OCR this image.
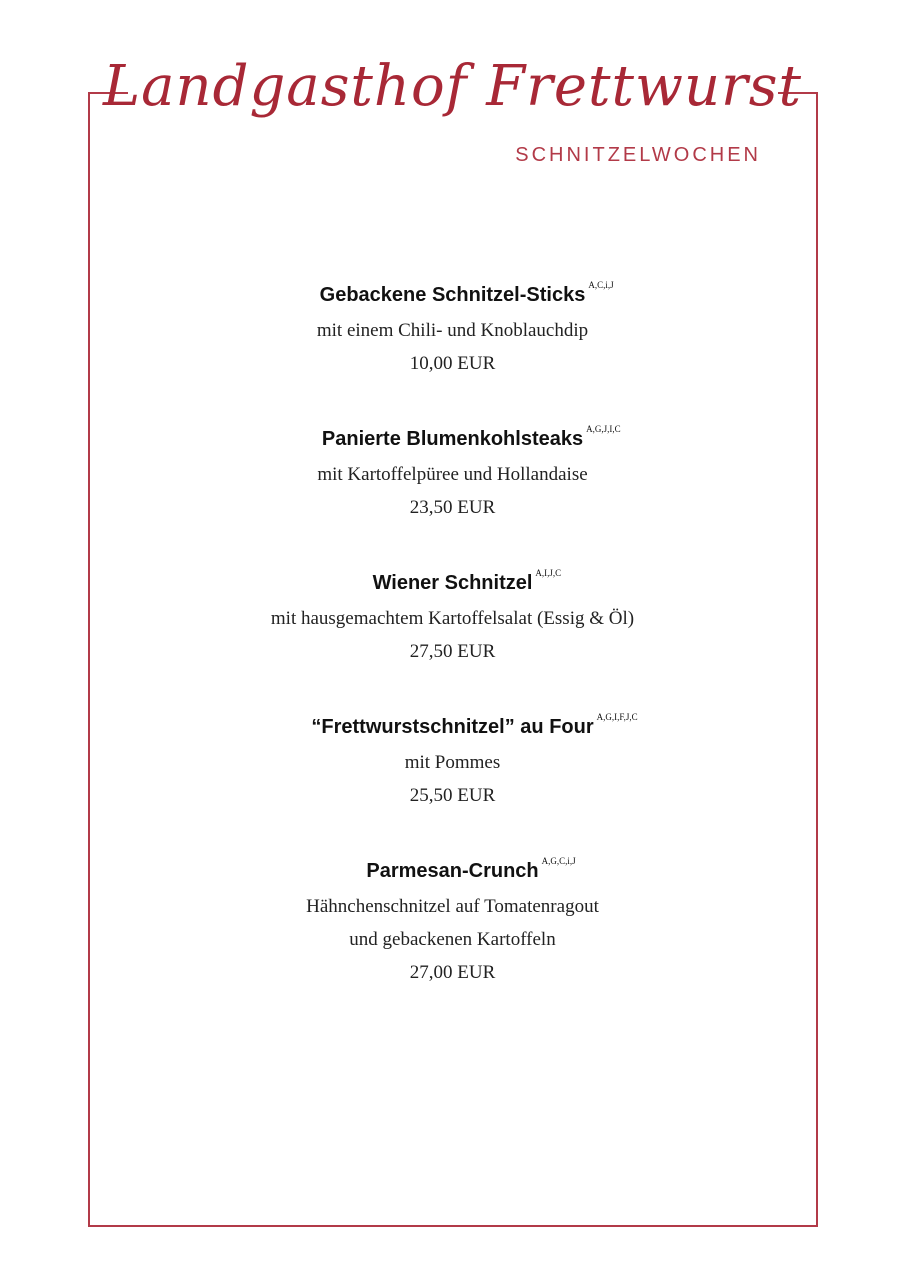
Landgasthof Frettwurst
SCHNITZELWOCHEN
Gebackene Schnitzel-Sticks A,C,i,J
mit einem Chili- und Knoblauchdip
10,00 EUR
Panierte Blumenkohlsteaks A,G,J,I,C
mit Kartoffelpüree und Hollandaise
23,50 EUR
Wiener Schnitzel A,I,J,C
mit hausgemachtem Kartoffelsalat (Essig & Öl)
27,50 EUR
“Frettwurstschnitzel” au Four A,G,I,F,J,C
mit Pommes
25,50 EUR
Parmesan-Crunch A,G,C,i,J
Hähnchenschnitzel auf Tomatenragout
und gebackenen Kartoffeln
27,00 EUR
